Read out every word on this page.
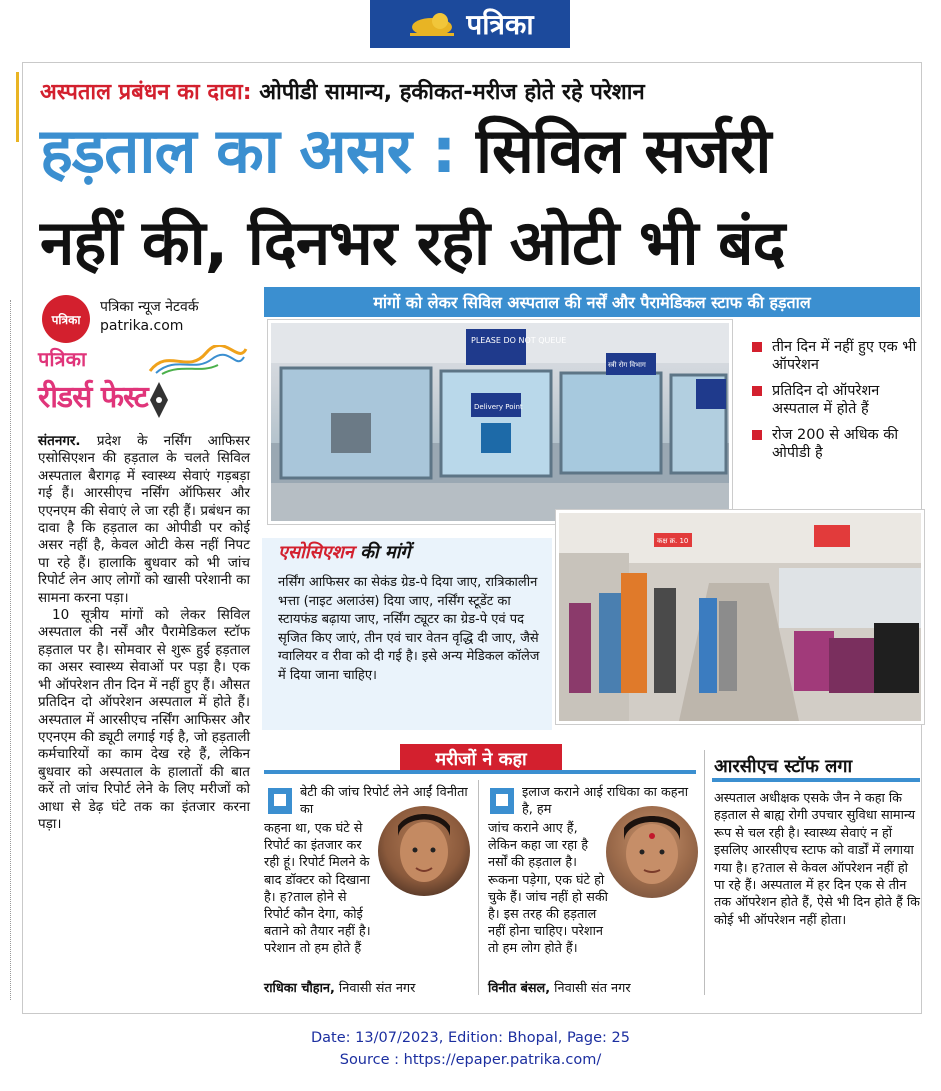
पत्रिका
अस्पताल प्रबंधन का दावा: ओपीडी सामान्य, हकीकत-मरीज होते रहे परेशान
हड़ताल का असर : सिविल सर्जरी
नहीं की, दिनभर रही ओटी भी बंद
पत्रिका
पत्रिका न्यूज नेटवर्क
patrika.com
पत्रिका
रीडर्स फेस्ट

संतनगर. प्रदेश के नर्सिंग आफिसर एसोसिएशन की हड़ताल के चलते सिविल अस्पताल बैरागढ़ में स्वास्थ्य सेवाएं गड़बड़ा गई हैं। आरसीएच नर्सिंग ऑफिसर और एएनएम की सेवाएं ले जा रही हैं। प्रबंधन का दावा है कि हड़ताल का ओपीडी पर कोई असर नहीं है, केवल ओटी केस नहीं निपट पा रहे हैं। हालाकि बुधवार को भी जांच रिपोर्ट लेन आए लोगों को खासी परेशानी का सामना करना पड़ा।

10 सूत्रीय मांगों को लेकर सिविल अस्पताल की नर्सें और पैरामेडिकल स्टॉफ हड़ताल पर है। सोमवार से शुरू हुई हड़ताल का असर स्वास्थ्य सेवाओं पर पड़ा है। एक भी ऑपरेशन तीन दिन में नहीं हुए हैं। औसत प्रतिदिन दो ऑपरेशन अस्पताल में होते हैं। अस्पताल में आरसीएच नर्सिंग आफिसर और एएनएम की ड्यूटी लगाई गई है, जो हड़ताली कर्मचारियों का काम देख रहे हैं, लेकिन बुधवार को अस्पताल के हालातों की बात करें तो जांच रिपोर्ट लेने के लिए मरीजों को आधा से डेढ़ घंटे तक का इंतजार करना पड़ा।

मांगों को लेकर सिविल अस्पताल की नर्सें और पैरामेडिकल स्टाफ की हड़ताल
PLEASE DO NOT QUEUE
Delivery Point
स्त्री रोग विभाग
तीन दिन में नहीं हुए एक भी ऑपरेशन
प्रतिदिन दो ऑपरेशन अस्पताल में होते हैं
रोज 200 से अधिक की ओपीडी है
एसोसिएशन की मांगें
नर्सिंग आफिसर का सेकंड ग्रेड-पे दिया जाए, रात्रिकालीन भत्ता (नाइट अलाउंस) दिया जाए, नर्सिंग स्टूडेंट का स्टायफंड बढ़ाया जाए, नर्सिंग ट्यूटर का ग्रेड-पे एवं पद सृजित किए जाएं, तीन एवं चार वेतन वृद्धि दी जाए, जैसे ग्वालियर व रीवा को दी गई है। इसे अन्य मेडिकल कॉलेज में दिया जाना चाहिए।
कक्ष क्र. 10
मरीजों ने कहा
बेटी की जांच रिपोर्ट लेने आईं विनीता का
कहना था, एक घंटे से रिपोर्ट का इंतजार कर रही हूं। रिपोर्ट मिलने के बाद डॉक्टर को दिखाना है। ह?ताल होने से रिपोर्ट कौन देगा, कोई बताने को तैयार नहीं है। परेशान तो हम होते हैं
राधिका चौहान, निवासी संत नगर
इलाज कराने आई राधिका का कहना है, हम
जांच कराने आए हैं, लेकिन कहा जा रहा है नर्सों की हड़ताल है। रूकना पड़ेगा, एक घंटे हो चुके हैं। जांच नहीं हो सकी है। इस तरह की हड़ताल नहीं होना चाहिए। परेशान तो हम लोग होते हैं।
विनीत बंसल, निवासी संत नगर
आरसीएच स्टॉफ लगा
अस्पताल अधीक्षक एसके जैन ने कहा कि हड़ताल से बाह्य रोगी उपचार सुविधा सामान्य रूप से चल रही है। स्वास्थ्य सेवाएं न हों इसलिए आरसीएच स्टाफ को वार्डों में लगाया गया है। ह?ताल से केवल ऑपरेशन नहीं हो पा रहे हैं। अस्पताल में हर दिन एक से तीन तक ऑपरेशन होते हैं, ऐसे भी दिन होते हैं कि कोई भी ऑपरेशन नहीं होता।
Date: 13/07/2023, Edition: Bhopal, Page: 25
Source : https://epaper.patrika.com/
